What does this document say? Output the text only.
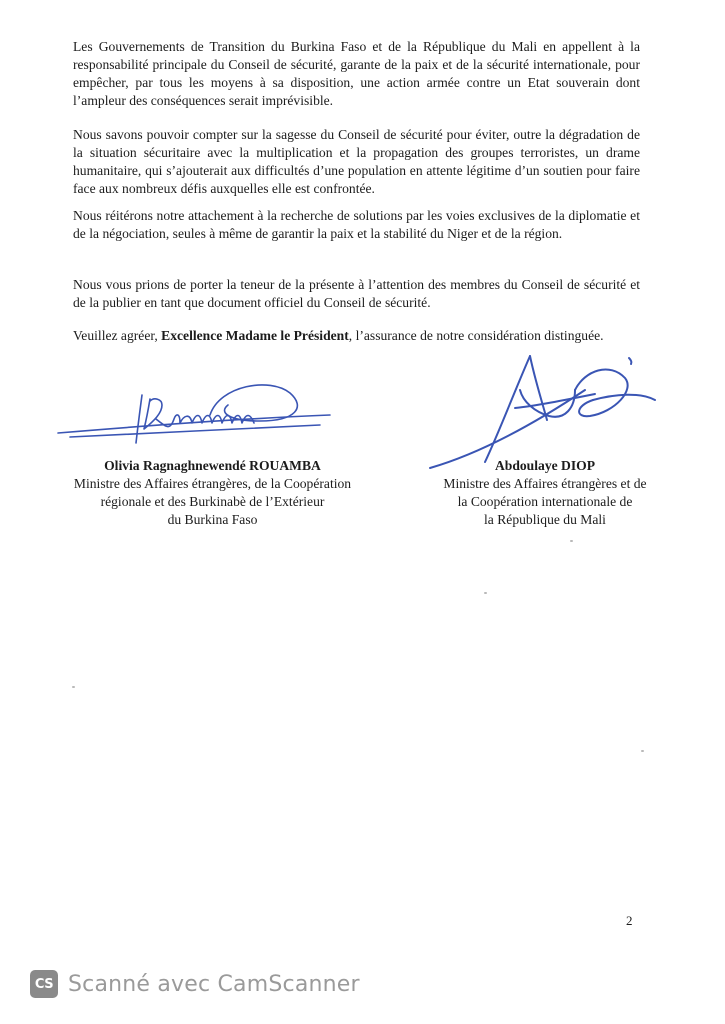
Les Gouvernements de Transition du Burkina Faso et de la République du Mali en appellent à la responsabilité principale du Conseil de sécurité, garante de la paix et de la sécurité internationale, pour empêcher, par tous les moyens à sa disposition, une action armée contre un Etat souverain dont l’ampleur des conséquences serait imprévisible.

Nous savons pouvoir compter sur la sagesse du Conseil de sécurité pour éviter, outre la dégradation de la situation sécuritaire avec la multiplication et la propagation des groupes terroristes, un drame humanitaire, qui s’ajouterait aux difficultés d’une population en attente légitime d’un soutien pour faire face aux nombreux défis auxquelles elle est confrontée.

Nous réitérons notre attachement à la recherche de solutions par les voies exclusives de la diplomatie et de la négociation, seules à même de garantir la paix et la stabilité du Niger et de la région.

Nous vous prions de porter la teneur de la présente à l’attention des membres du Conseil de sécurité et de la publier en tant que document officiel du Conseil de sécurité.

Veuillez agréer, Excellence Madame le Président, l’assurance de notre considération distinguée.

Olivia Ragnaghnewendé ROUAMBA
Ministre des Affaires étrangères, de la Coopération
régionale et des Burkinabè de l’Extérieur
du Burkina Faso
Abdoulaye DIOP
Ministre des Affaires étrangères et de
la Coopération internationale de
la République du Mali
2
CS Scanné avec CamScanner
